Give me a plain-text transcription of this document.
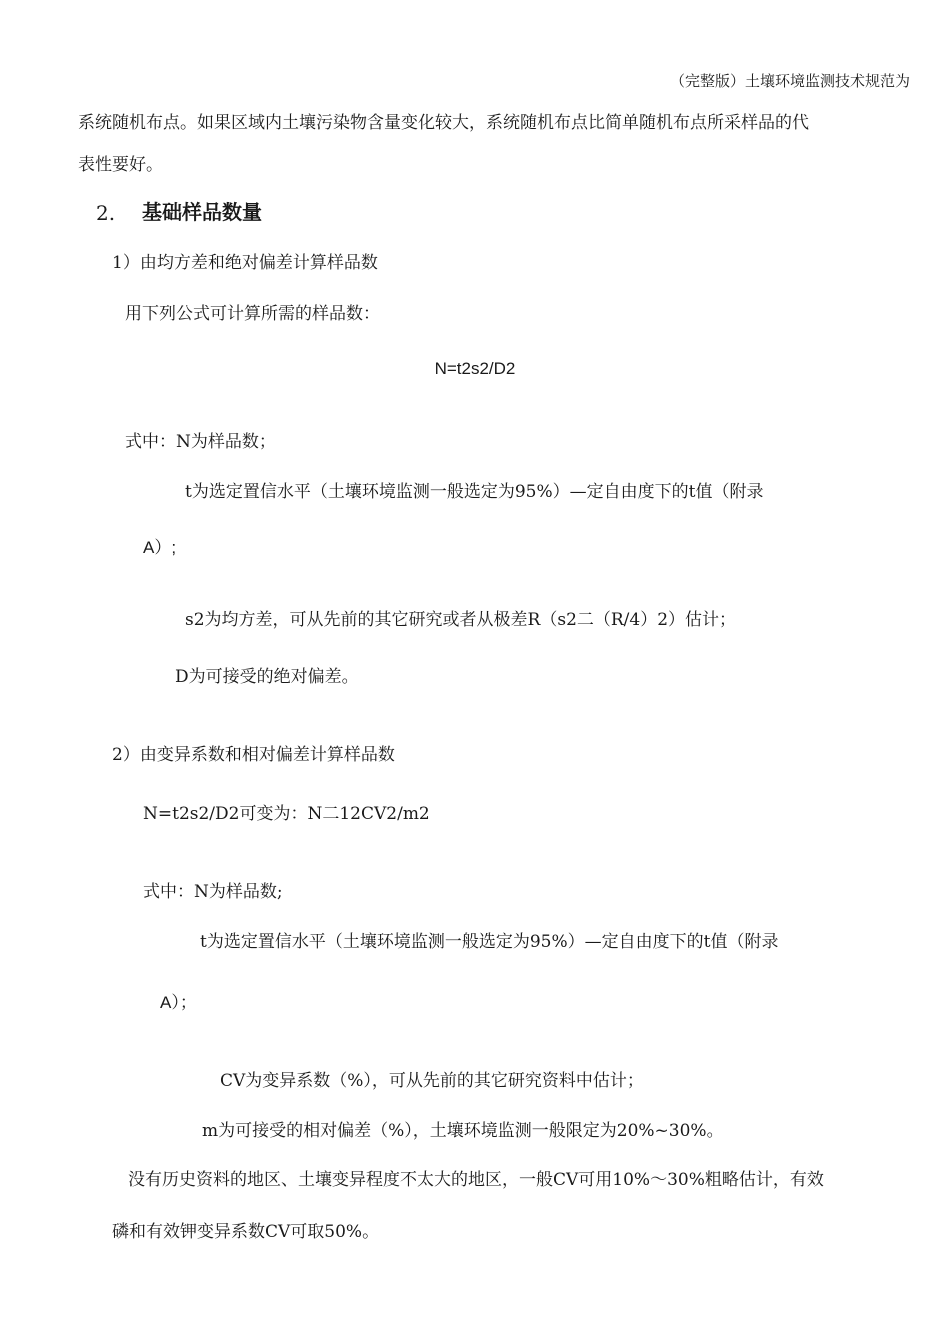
（完整版）土壤环境监测技术规范为

系统随机布点。如果区域内土壤污染物含量变化较大，系统随机布点比简单随机布点所采样品的代

表性要好。

2. 基础样品数量

1）由均方差和绝对偏差计算样品数

用下列公式可计算所需的样品数：

N=t2s2/D2

式中：N为样品数；

t为选定置信水平（土壤环境监测一般选定为95%）—定自由度下的t值（附录

A）;

s2为均方差，可从先前的其它研究或者从极差R（s2二（R/4）2）估计；

D为可接受的绝对偏差。

2）由变异系数和相对偏差计算样品数

N=t2s2/D2可变为：N二12CV2/m2

式中：N为样品数;

t为选定置信水平（土壤环境监测一般选定为95%）—定自由度下的t值（附录

A）；

CV为变异系数（%），可从先前的其它研究资料中估计；

m为可接受的相对偏差（%），土壤环境监测一般限定为20%~30%。

没有历史资料的地区、土壤变异程度不太大的地区，一般CV可用10%〜30%粗略估计，有效

磷和有效钾变异系数CV可取50%。
